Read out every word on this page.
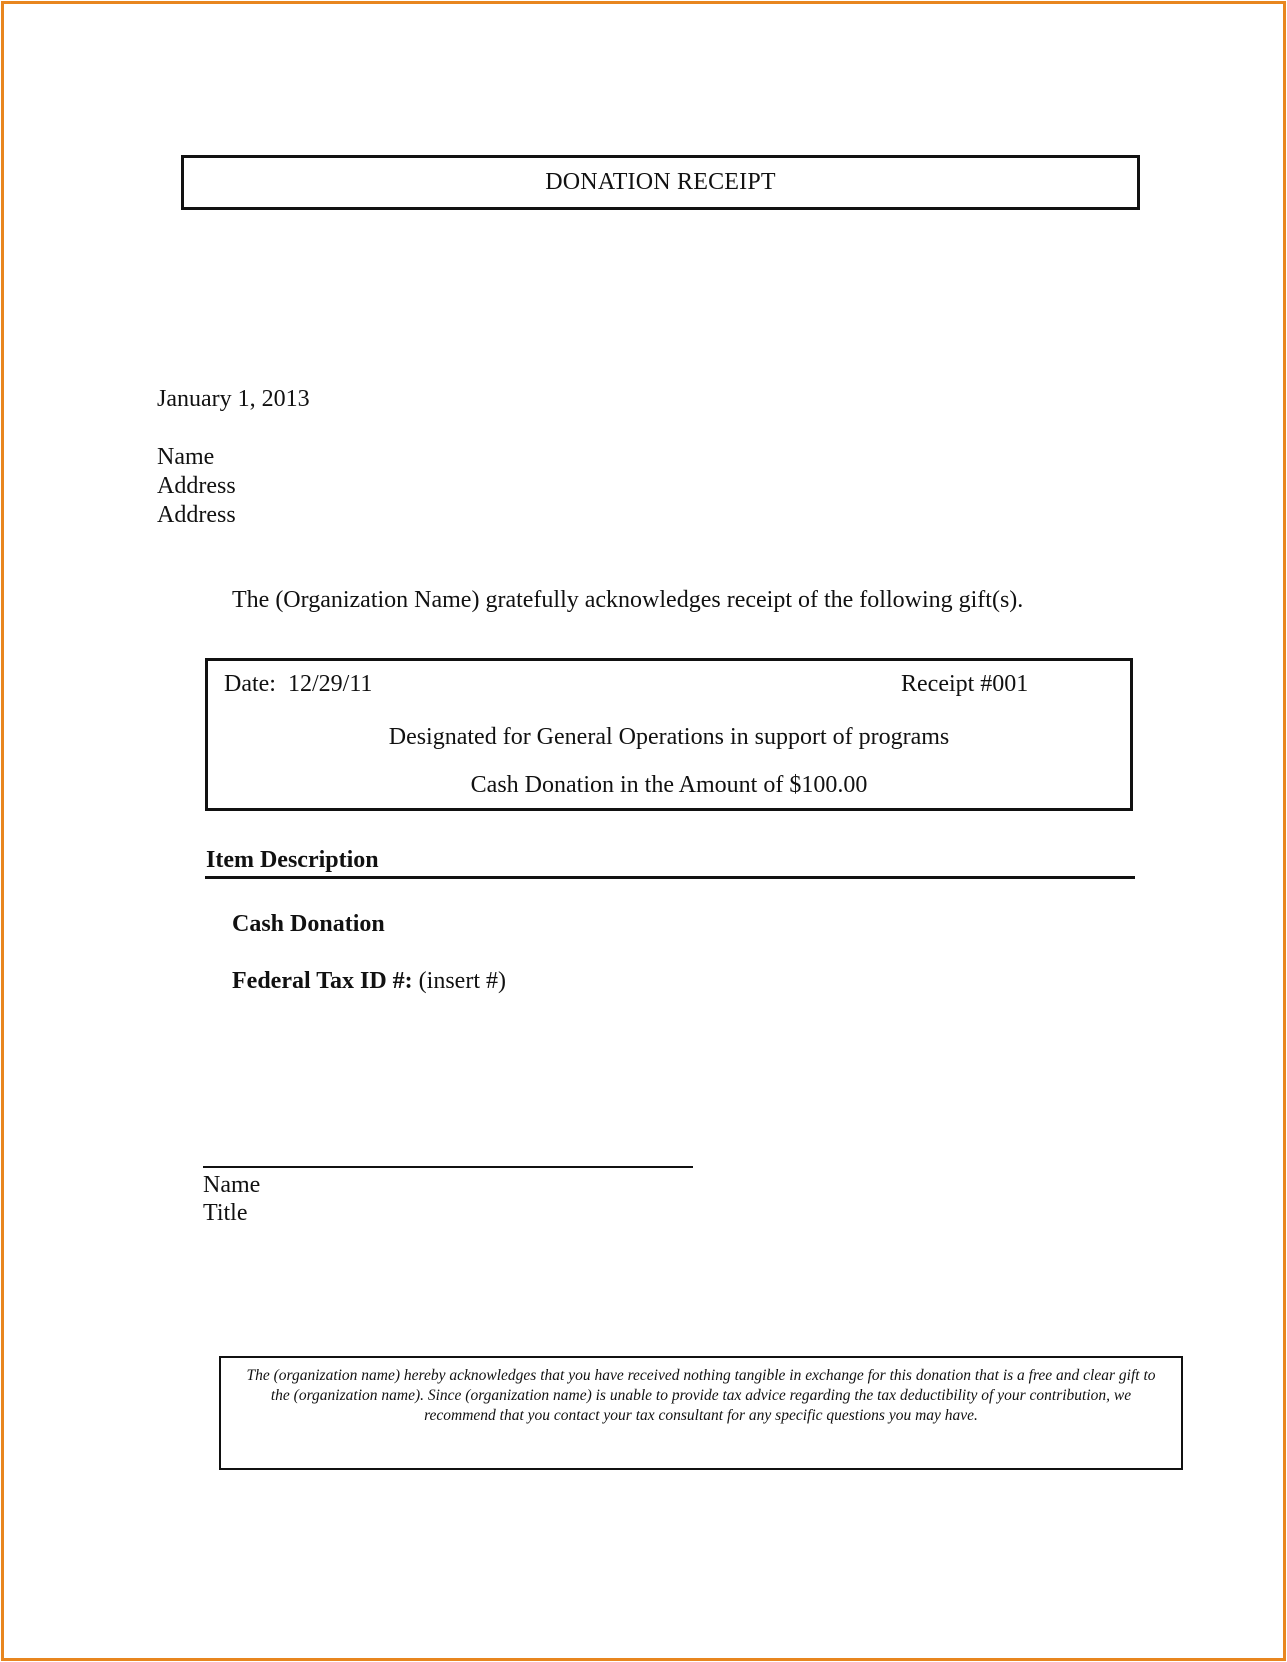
DONATION RECEIPT
January 1, 2013
Name
Address
Address
The (Organization Name) gratefully acknowledges receipt of the following gift(s).
Date: 12/29/11	Receipt #001
Designated for General Operations in support of programs
Cash Donation in the Amount of $100.00
Item Description
Cash Donation
Federal Tax ID #: (insert #)
Name
Title
The (organization name) hereby acknowledges that you have received nothing tangible in exchange for this donation that is a free and clear gift to the (organization name). Since (organization name) is unable to provide tax advice regarding the tax deductibility of your contribution, we recommend that you contact your tax consultant for any specific questions you may have.
